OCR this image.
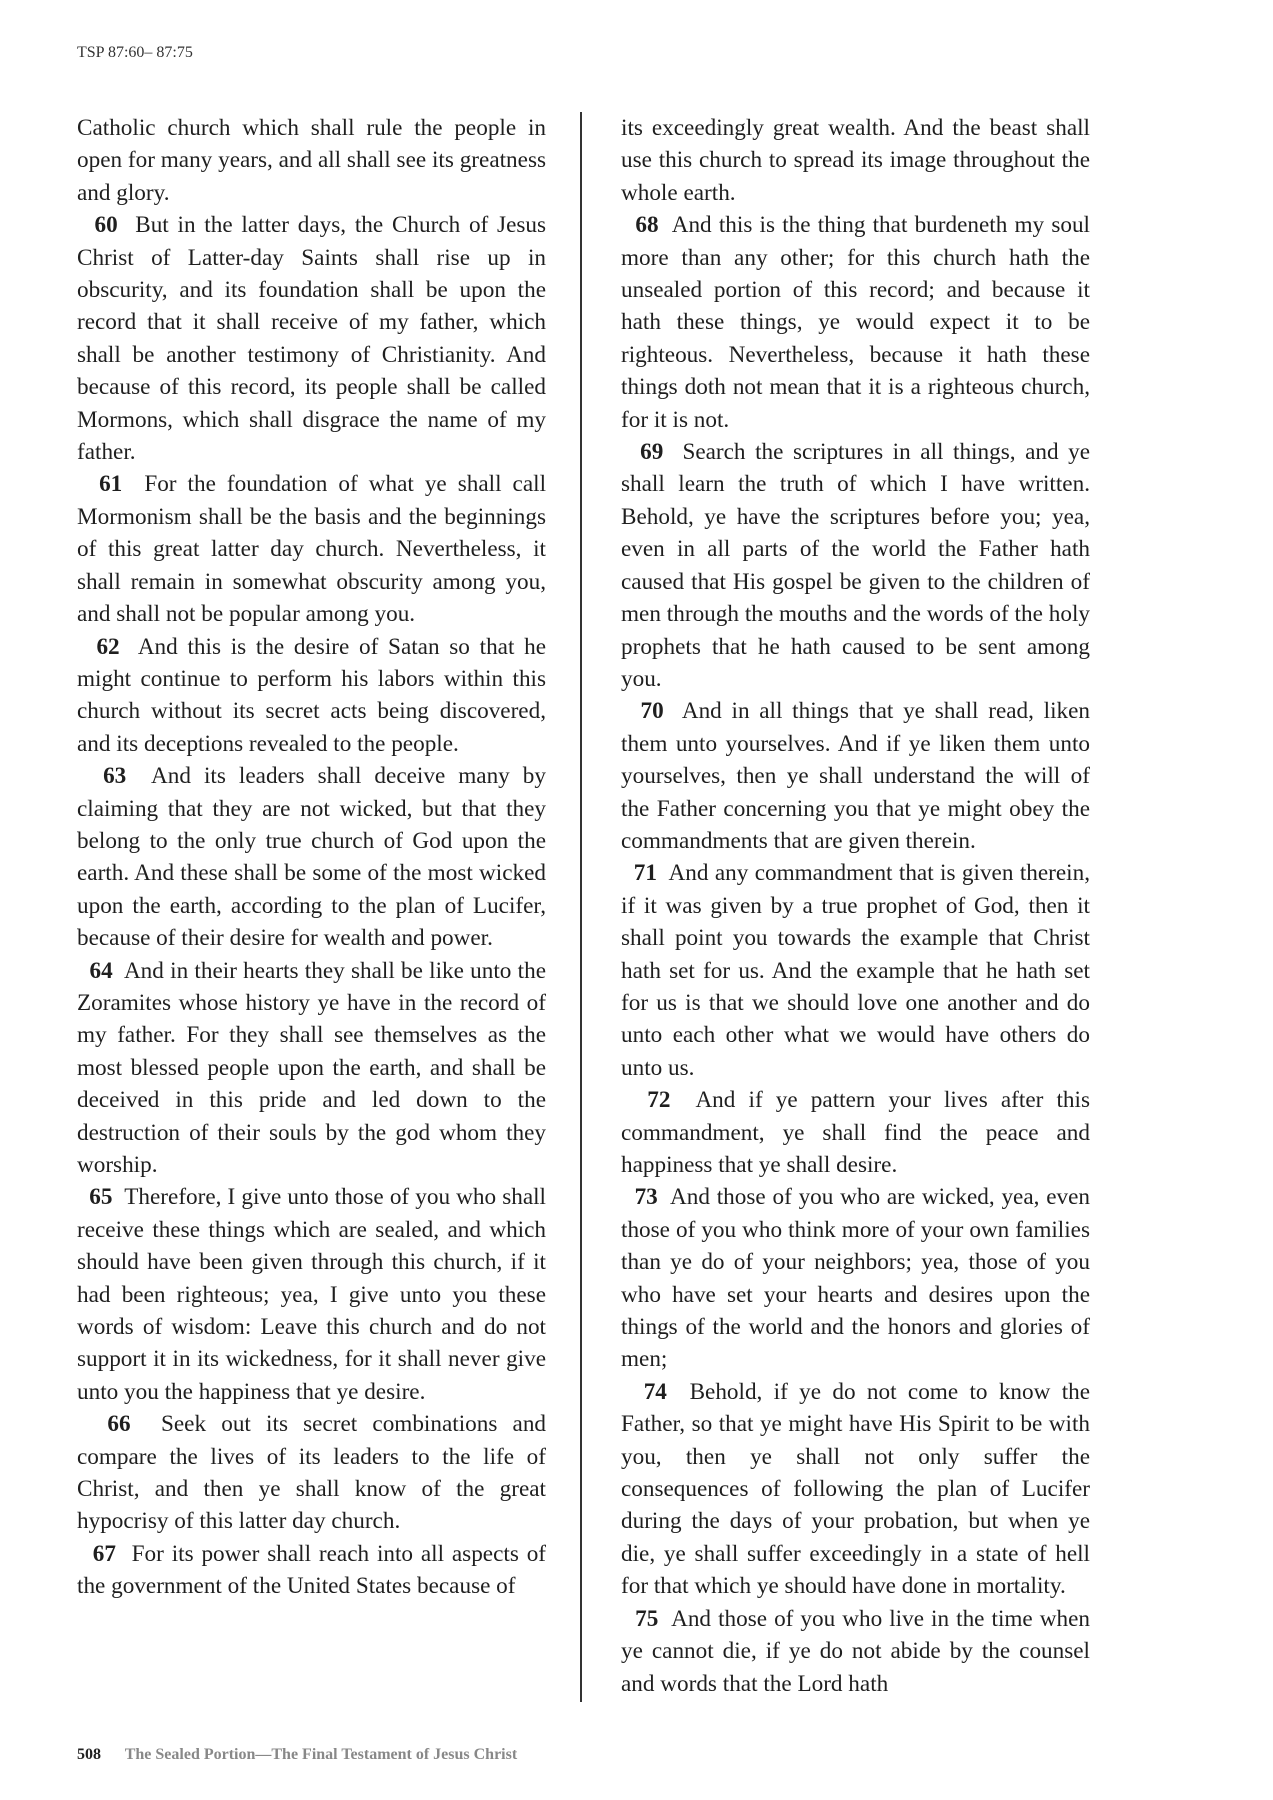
TSP 87:60– 87:75

Catholic church which shall rule the people in open for many years, and all shall see its greatness and glory.

60 But in the latter days, the Church of Jesus Christ of Latter-day Saints shall rise up in obscurity, and its foundation shall be upon the record that it shall receive of my father, which shall be another testimony of Christianity. And because of this record, its people shall be called Mormons, which shall disgrace the name of my father.

61 For the foundation of what ye shall call Mormonism shall be the basis and the beginnings of this great latter day church. Nevertheless, it shall remain in somewhat obscurity among you, and shall not be popular among you.

62 And this is the desire of Satan so that he might continue to perform his labors within this church without its secret acts being discovered, and its deceptions revealed to the people.

63 And its leaders shall deceive many by claiming that they are not wicked, but that they belong to the only true church of God upon the earth. And these shall be some of the most wicked upon the earth, according to the plan of Lucifer, because of their desire for wealth and power.

64 And in their hearts they shall be like unto the Zoramites whose history ye have in the record of my father. For they shall see themselves as the most blessed people upon the earth, and shall be deceived in this pride and led down to the destruction of their souls by the god whom they worship.

65 Therefore, I give unto those of you who shall receive these things which are sealed, and which should have been given through this church, if it had been righteous; yea, I give unto you these words of wisdom: Leave this church and do not support it in its wickedness, for it shall never give unto you the happiness that ye desire.

66 Seek out its secret combinations and compare the lives of its leaders to the life of Christ, and then ye shall know of the great hypocrisy of this latter day church.

67 For its power shall reach into all aspects of the government of the United States because of

its exceedingly great wealth. And the beast shall use this church to spread its image throughout the whole earth.

68 And this is the thing that burdeneth my soul more than any other; for this church hath the unsealed portion of this record; and because it hath these things, ye would expect it to be righteous. Nevertheless, because it hath these things doth not mean that it is a righteous church, for it is not.

69 Search the scriptures in all things, and ye shall learn the truth of which I have written. Behold, ye have the scriptures before you; yea, even in all parts of the world the Father hath caused that His gospel be given to the children of men through the mouths and the words of the holy prophets that he hath caused to be sent among you.

70 And in all things that ye shall read, liken them unto yourselves. And if ye liken them unto yourselves, then ye shall understand the will of the Father concerning you that ye might obey the commandments that are given therein.

71 And any commandment that is given therein, if it was given by a true prophet of God, then it shall point you towards the example that Christ hath set for us. And the example that he hath set for us is that we should love one another and do unto each other what we would have others do unto us.

72 And if ye pattern your lives after this commandment, ye shall find the peace and happiness that ye shall desire.

73 And those of you who are wicked, yea, even those of you who think more of your own families than ye do of your neighbors; yea, those of you who have set your hearts and desires upon the things of the world and the honors and glories of men;

74 Behold, if ye do not come to know the Father, so that ye might have His Spirit to be with you, then ye shall not only suffer the consequences of following the plan of Lucifer during the days of your probation, but when ye die, ye shall suffer exceedingly in a state of hell for that which ye should have done in mortality.

75 And those of you who live in the time when ye cannot die, if ye do not abide by the counsel and words that the Lord hath

508 The Sealed Portion—The Final Testament of Jesus Christ
